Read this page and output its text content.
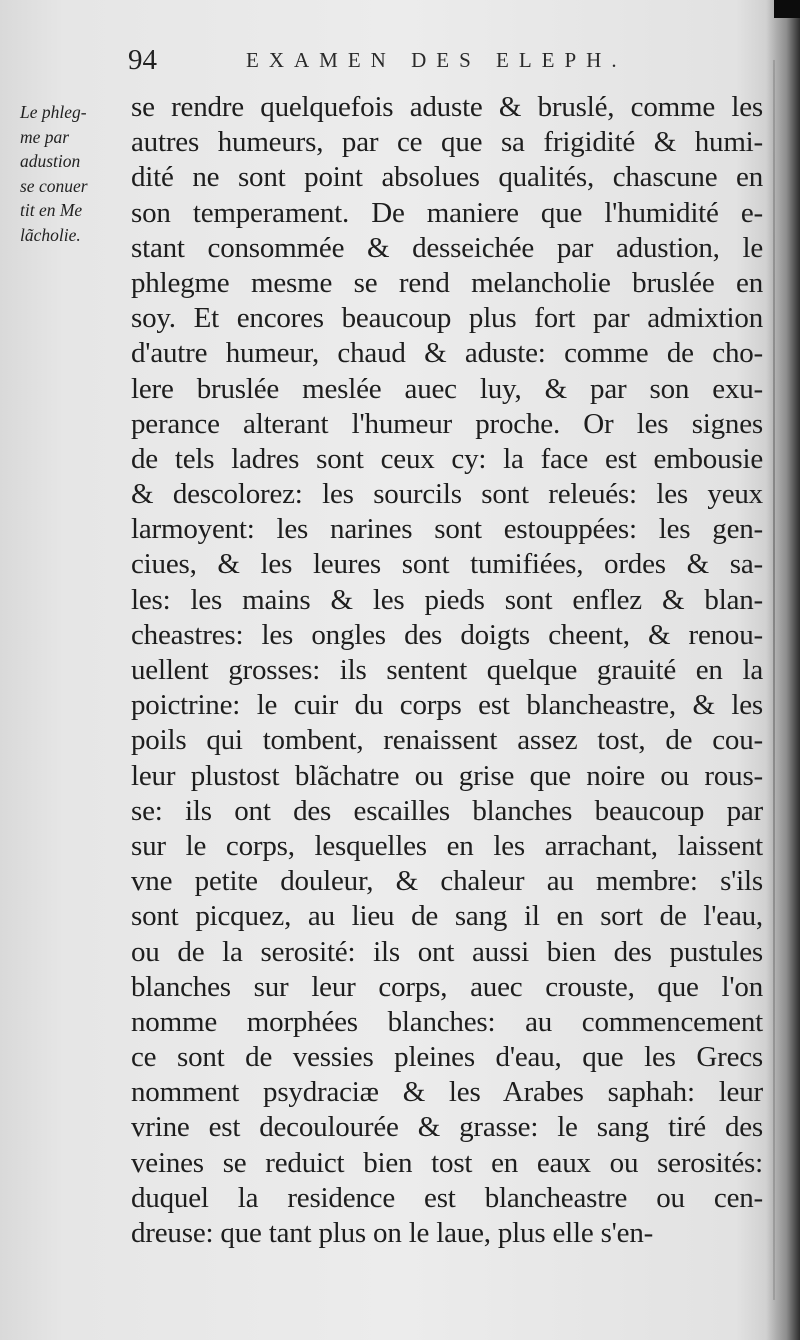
94	EXAMEN DES ELEPH.
Le phleg-
me par
adustion
se conuer
tit en Me
lãcholie.
se rendre quelquefois aduste & bruslé, comme les
autres humeurs, par ce que sa frigidité & humi-
dité ne sont point absolues qualités, chascune en
son temperament. De maniere que l'humidité e-
stant consommée & desseichée par adustion, le
phlegme mesme se rend melancholie bruslée en
soy. Et encores beaucoup plus fort par admixtion
d'autre humeur, chaud & aduste: comme de cho-
lere bruslée meslée auec luy, & par son exu-
perance alterant l'humeur proche. Or les signes
de tels ladres sont ceux cy: la face est embousie
& descolorez: les sourcils sont releués: les yeux
larmoyent: les narines sont estouppées: les gen-
ciues, & les leures sont tumifiées, ordes & sa-
les: les mains & les pieds sont enflez & blan-
cheastres: les ongles des doigts cheent, & renou-
uellent grosses: ils sentent quelque grauité en la
poictrine: le cuir du corps est blancheastre, & les
poils qui tombent, renaissent assez tost, de cou-
leur plustost blãchatre ou grise que noire ou rous-
se: ils ont des escailles blanches beaucoup par
sur le corps, lesquelles en les arrachant, laissent
vne petite douleur, & chaleur au membre: s'ils
sont picquez, au lieu de sang il en sort de l'eau,
ou de la serosité: ils ont aussi bien des pustules
blanches sur leur corps, auec crouste, que l'on
nomme morphées blanches: au commencement
ce sont de vessies pleines d'eau, que les Grecs
nomment psydraciæ & les Arabes saphah: leur
vrine est decoulourée & grasse: le sang tiré des
veines se reduict bien tost en eaux ou serosités:
duquel la residence est blancheastre ou cen-
dreuse: que tant plus on le laue, plus elle s'en-
